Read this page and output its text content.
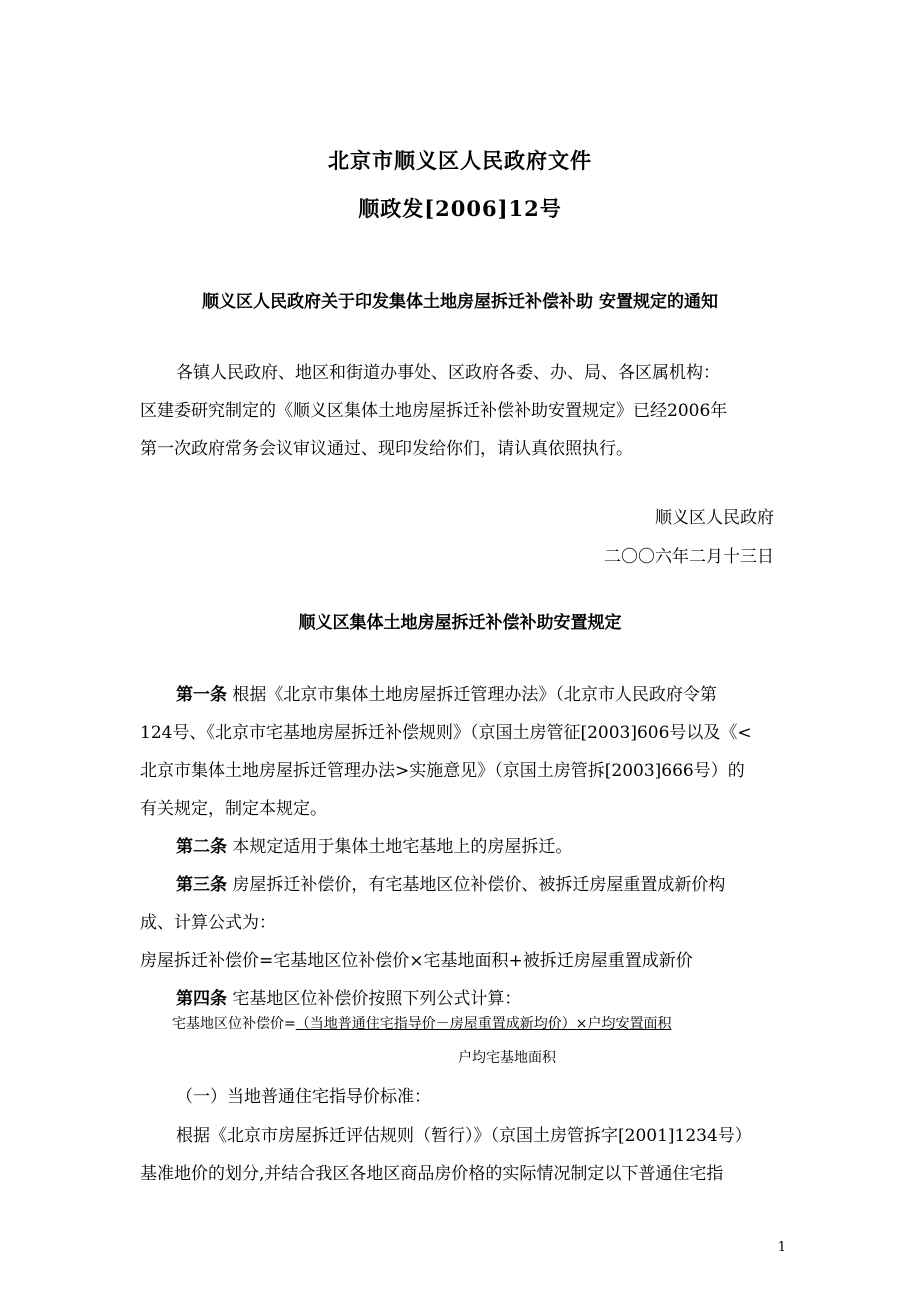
北京市顺义区人民政府文件
顺政发[2006]12号
顺义区人民政府关于印发集体土地房屋拆迁补偿补助 安置规定的通知
各镇人民政府、地区和街道办事处、区政府各委、办、局、各区属机构：
区建委研究制定的《顺义区集体土地房屋拆迁补偿补助安置规定》已经2006年
第一次政府常务会议审议通过、现印发给你们，请认真依照执行。
顺义区人民政府
二〇〇六年二月十三日
顺义区集体土地房屋拆迁补偿补助安置规定
第一条 根据《北京市集体土地房屋拆迁管理办法》（北京市人民政府令第
124号、《北京市宅基地房屋拆迁补偿规则》（京国土房管征[2003]606号以及《<
北京市集体土地房屋拆迁管理办法>实施意见》（京国土房管拆[2003]666号）的
有关规定，制定本规定。
第二条 本规定适用于集体土地宅基地上的房屋拆迁。
第三条 房屋拆迁补偿价，有宅基地区位补偿价、被拆迁房屋重置成新价构
成、计算公式为：
房屋拆迁补偿价=宅基地区位补偿价×宅基地面积+被拆迁房屋重置成新价
第四条 宅基地区位补偿价按照下列公式计算：
宅基地区位补偿价=（当地普通住宅指导价－房屋重置成新均价）×户均安置面积
户均宅基地面积
（一）当地普通住宅指导价标准：
根据《北京市房屋拆迁评估规则（暂行）》（京国土房管拆字[2001]1234号）
基准地价的划分,并结合我区各地区商品房价格的实际情况制定以下普通住宅指
1
